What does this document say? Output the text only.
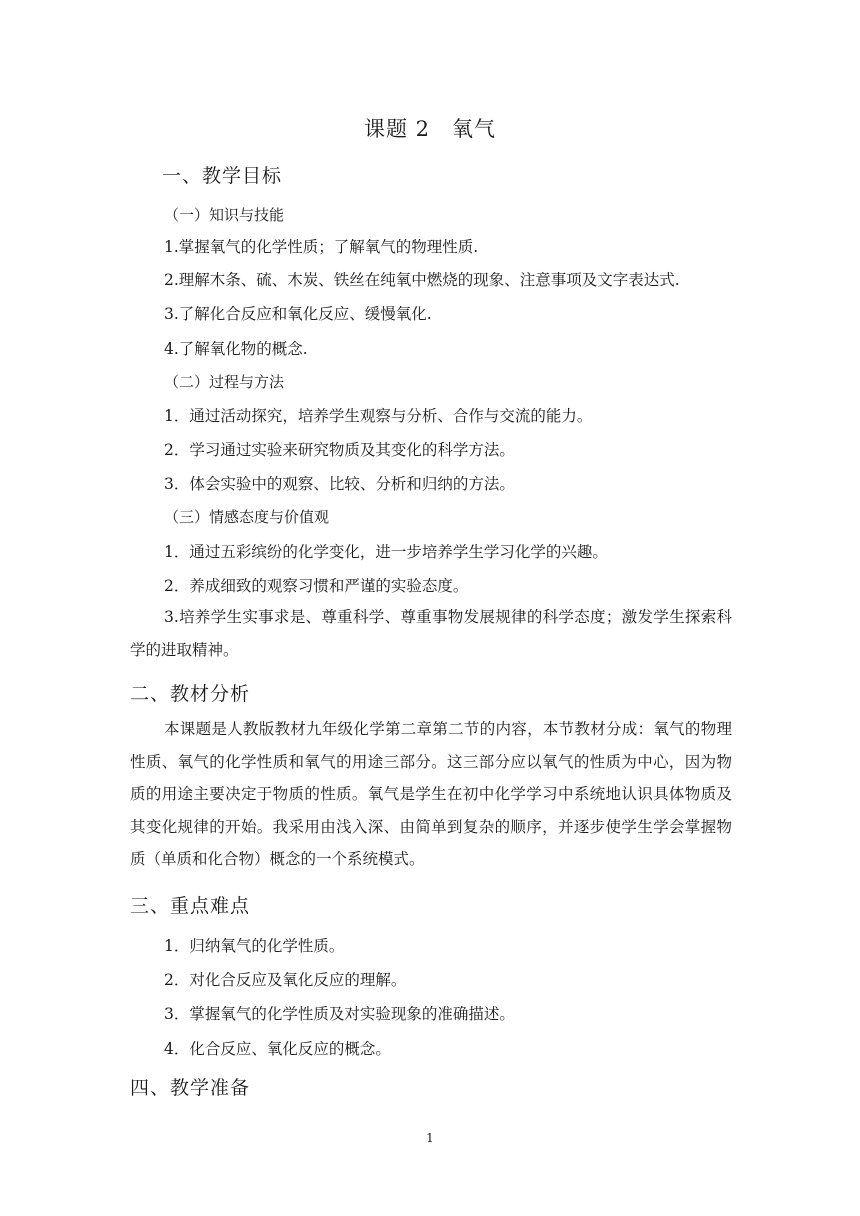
课题 2　氧气
一、教学目标
（一）知识与技能
1.掌握氧气的化学性质；了解氧气的物理性质.
2.理解木条、硫、木炭、铁丝在纯氧中燃烧的现象、注意事项及文字表达式.
3.了解化合反应和氧化反应、缓慢氧化.
4.了解氧化物的概念.
（二）过程与方法
1．通过活动探究，培养学生观察与分析、合作与交流的能力。
2．学习通过实验来研究物质及其变化的科学方法。
3．体会实验中的观察、比较、分析和归纳的方法。
（三）情感态度与价值观
1．通过五彩缤纷的化学变化，进一步培养学生学习化学的兴趣。
2．养成细致的观察习惯和严谨的实验态度。
3.培养学生实事求是、尊重科学、尊重事物发展规律的科学态度；激发学生探索科学的进取精神。
二、教材分析
本课题是人教版教材九年级化学第二章第二节的内容，本节教材分成：氧气的物理性质、氧气的化学性质和氧气的用途三部分。这三部分应以氧气的性质为中心，因为物质的用途主要决定于物质的性质。氧气是学生在初中化学学习中系统地认识具体物质及其变化规律的开始。我采用由浅入深、由简单到复杂的顺序，并逐步使学生学会掌握物质（单质和化合物）概念的一个系统模式。
三、重点难点
1．归纳氧气的化学性质。
2．对化合反应及氧化反应的理解。
3．掌握氧气的化学性质及对实验现象的准确描述。
4．化合反应、氧化反应的概念。
四、教学准备
1
